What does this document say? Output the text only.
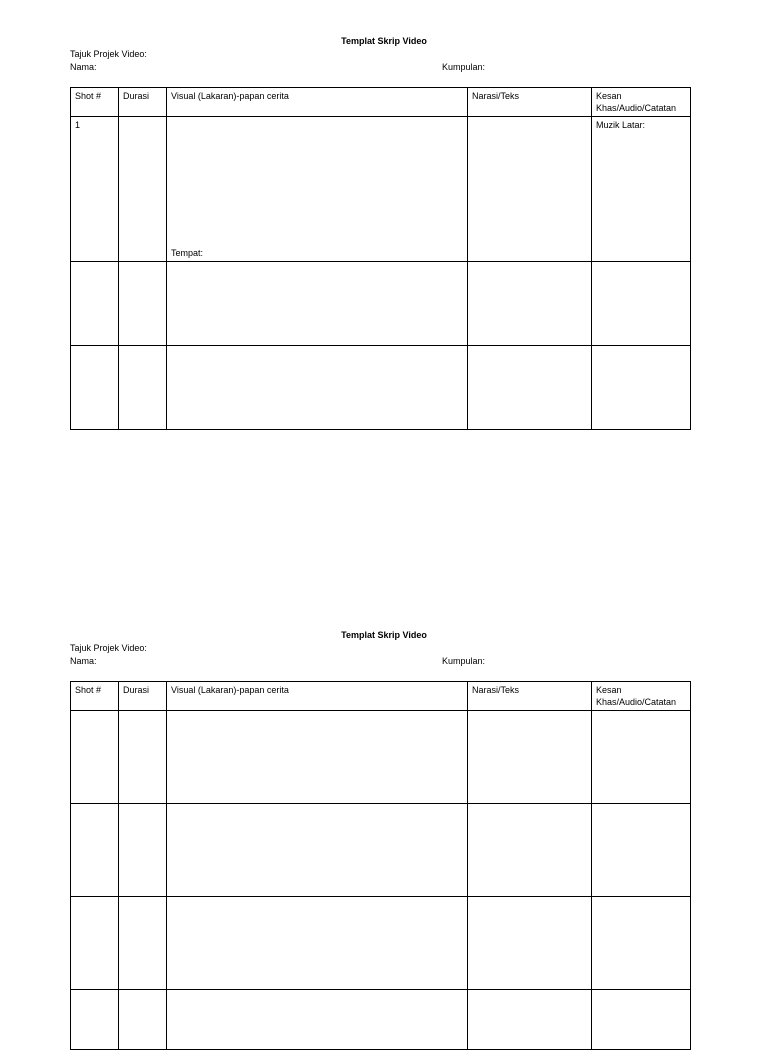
Templat Skrip Video
Tajuk Projek Video:
Nama:	Kumpulan:
Shot #	Durasi	Visual (Lakaran)-papan cerita	Narasi/Teks	Kesan Khas/Audio/Catatan
1		Tempat:		Muzik Latar:

Templat Skrip Video
Tajuk Projek Video:
Nama:	Kumpulan:
Shot #	Durasi	Visual (Lakaran)-papan cerita	Narasi/Teks	Kesan Khas/Audio/Catatan
